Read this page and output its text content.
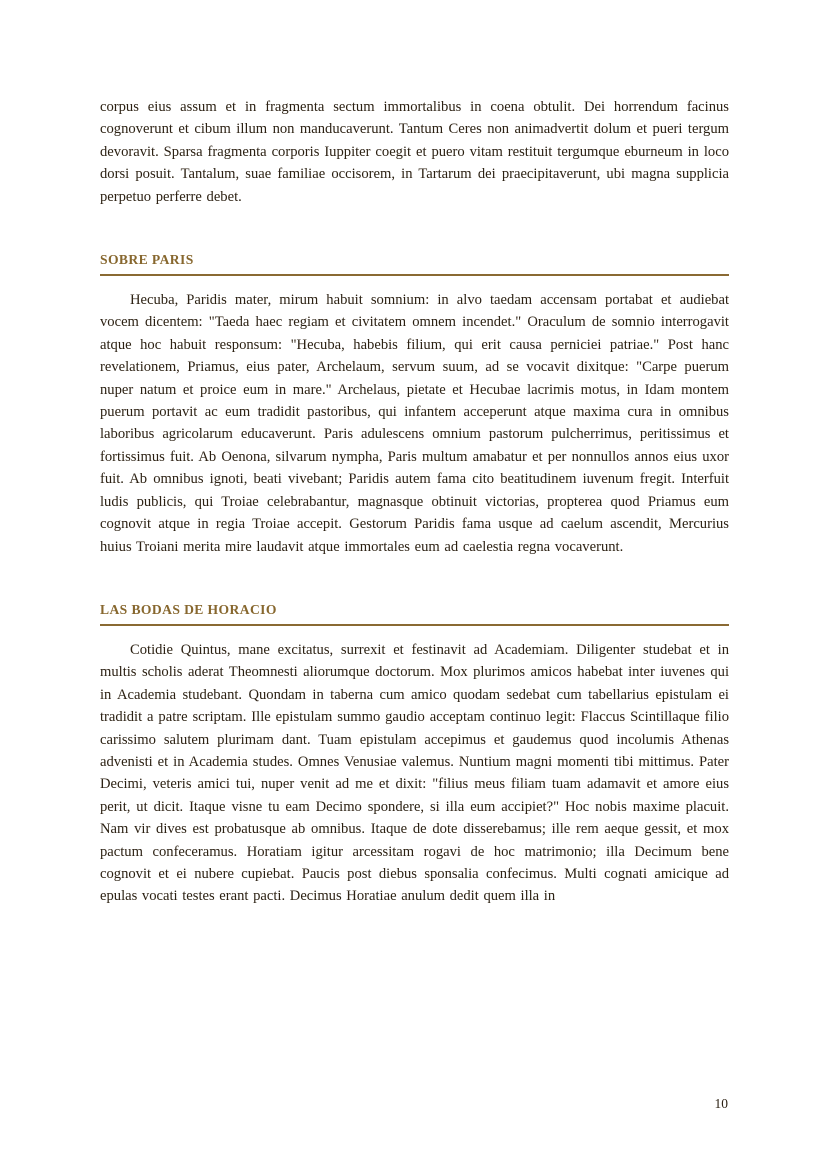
corpus eius assum et in fragmenta sectum immortalibus in coena obtulit. Dei horrendum facinus cognoverunt et cibum illum non manducaverunt. Tantum Ceres non animadvertit dolum et pueri tergum devoravit. Sparsa fragmenta corporis Iuppiter coegit et puero vitam restituit tergumque eburneum in loco dorsi posuit. Tantalum, suae familiae occisorem, in Tartarum dei praecipitaverunt, ubi magna supplicia perpetuo perferre debet.

SOBRE PARIS

Hecuba, Paridis mater, mirum habuit somnium: in alvo taedam accensam portabat et audiebat vocem dicentem: "Taeda haec regiam et civitatem omnem incendet." Oraculum de somnio interrogavit atque hoc habuit responsum: "Hecuba, habebis filium, qui erit causa perniciei patriae." Post hanc revelationem, Priamus, eius pater, Archelaum, servum suum, ad se vocavit dixitque: "Carpe puerum nuper natum et proice eum in mare." Archelaus, pietate et Hecubae lacrimis motus, in Idam montem puerum portavit ac eum tradidit pastoribus, qui infantem acceperunt atque maxima cura in omnibus laboribus agricolarum educaverunt. Paris adulescens omnium pastorum pulcherrimus, peritissimus et fortissimus fuit. Ab Oenona, silvarum nympha, Paris multum amabatur et per nonnullos annos eius uxor fuit. Ab omnibus ignoti, beati vivebant; Paridis autem fama cito beatitudinem iuvenum fregit. Interfuit ludis publicis, qui Troiae celebrabantur, magnasque obtinuit victorias, propterea quod Priamus eum cognovit atque in regia Troiae accepit. Gestorum Paridis fama usque ad caelum ascendit, Mercurius huius Troiani merita mire laudavit atque immortales eum ad caelestia regna vocaverunt.

LAS BODAS DE HORACIO

Cotidie Quintus, mane excitatus, surrexit et festinavit ad Academiam. Diligenter studebat et in multis scholis aderat Theomnesti aliorumque doctorum. Mox plurimos amicos habebat inter iuvenes qui in Academia studebant. Quondam in taberna cum amico quodam sedebat cum tabellarius epistulam ei tradidit a patre scriptam. Ille epistulam summo gaudio acceptam continuo legit: Flaccus Scintillaque filio carissimo salutem plurimam dant. Tuam epistulam accepimus et gaudemus quod incolumis Athenas advenisti et in Academia studes. Omnes Venusiae valemus. Nuntium magni momenti tibi mittimus. Pater Decimi, veteris amici tui, nuper venit ad me et dixit: "filius meus filiam tuam adamavit et amore eius perit, ut dicit. Itaque visne tu eam Decimo spondere, si illa eum accipiet?" Hoc nobis maxime placuit. Nam vir dives est probatusque ab omnibus. Itaque de dote disserebamus; ille rem aeque gessit, et mox pactum confeceramus. Horatiam igitur arcessitam rogavi de hoc matrimonio; illa Decimum bene cognovit et ei nubere cupiebat. Paucis post diebus sponsalia confecimus. Multi cognati amicique ad epulas vocati testes erant pacti. Decimus Horatiae anulum dedit quem illa in

10
